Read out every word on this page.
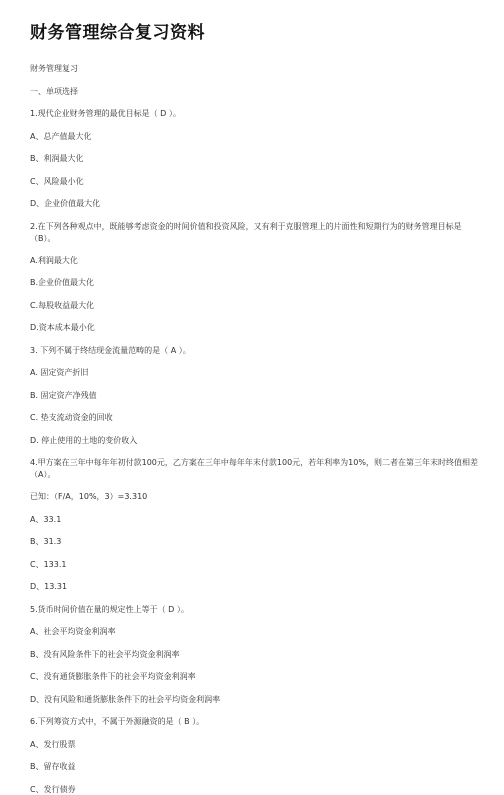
财务管理综合复习资料
财务管理复习
一、单项选择
1.现代企业财务管理的最优目标是（ D ）。
A、总产值最大化
B、利润最大化
C、风险最小化
D、企业价值最大化
2.在下列各种观点中，既能够考虑资金的时间价值和投资风险，又有利于克服管理上的片面性和短期行为的财务管理目标是（B）。
A.利润最大化
B.企业价值最大化
C.每股收益最大化
D.资本成本最小化
3. 下列不属于终结现金流量范畴的是（ A ）。
A. 固定资产折旧
B. 固定资产净残值
C. 垫支流动资金的回收
D. 停止使用的土地的变价收入
4.甲方案在三年中每年年初付款100元，乙方案在三年中每年年末付款100元，若年利率为10%，则二者在第三年末时终值相差（A）。
已知：（F/A，10%，3）=3.310
A、33.1
B、31.3
C、133.1
D、13.31
5.货币时间价值在量的规定性上等于（ D ）。
A、社会平均资金利润率
B、没有风险条件下的社会平均资金利润率
C、没有通货膨胀条件下的社会平均资金利润率
D、没有风险和通货膨胀条件下的社会平均资金利润率
6.下列筹资方式中，不属于外源融资的是（ B ）。
A、发行股票
B、留存收益
C、发行债券
